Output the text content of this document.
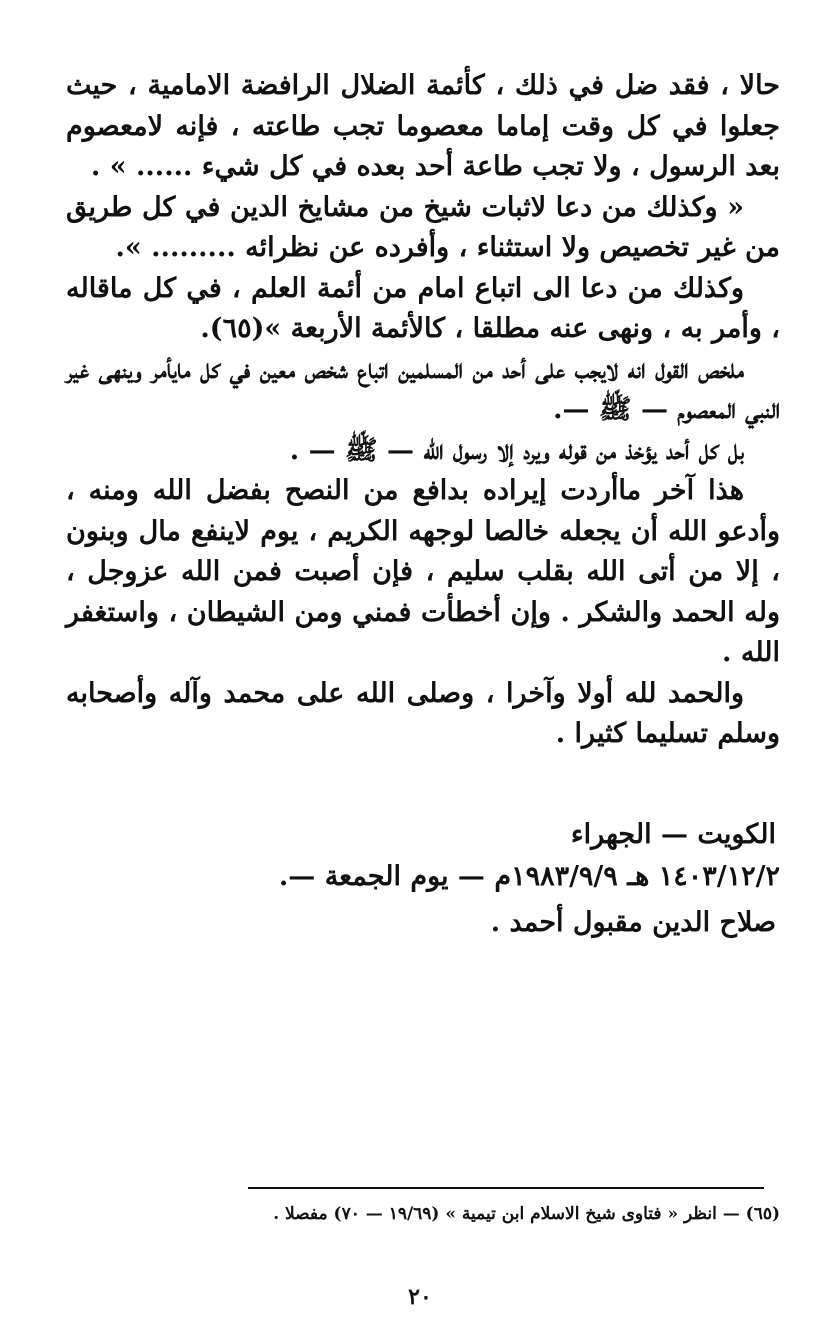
حالا ، فقد ضل في ذلك ، كأئمة الضلال الرافضة الامامية ، حيث جعلوا في كل وقت إماما معصوما تجب طاعته ، فإنه لامعصوم بعد الرسول ، ولا تجب طاعة أحد بعده في كل شيء ...... » .

« وكذلك من دعا لاثبات شيخ من مشايخ الدين في كل طريق من غير تخصيص ولا استثناء ، وأفرده عن نظرائه ......... ».

وكذلك من دعا الى اتباع امام من أئمة العلم ، في كل ماقاله ، وأمر به ، ونهى عنه مطلقا ، كالأئمة الأربعة »(٦٥).

ملخص القول انه لايجب على أحد من المسلمين اتباع شخص معين في كل مايأمر وينهى غير النبي المعصوم — ﷺ —.

بل كل أحد يؤخذ من قوله ويرد إلا رسول الله — ﷺ — .

هذا آخر ماأردت إيراده بدافع من النصح بفضل الله ومنه ، وأدعو الله أن يجعله خالصا لوجهه الكريم ، يوم لاينفع مال وبنون ، إلا من أتى الله بقلب سليم ، فإن أصبت فمن الله عزوجل ، وله الحمد والشكر . وإن أخطأت فمني ومن الشيطان ، واستغفر الله .

والحمد لله أولا وآخرا ، وصلى الله على محمد وآله وأصحابه وسلم تسليما كثيرا .

الكويت — الجهراء
١٤٠٣/١٢/٢ هـ ١٩٨٣/٩/٩م — يوم الجمعة —.
صلاح الدين مقبول أحمد .
(٦٥) — انظر « فتاوى شيخ الاسلام ابن تيمية » (١٩/٦٩ — ٧٠) مفصلا .
٢٠
